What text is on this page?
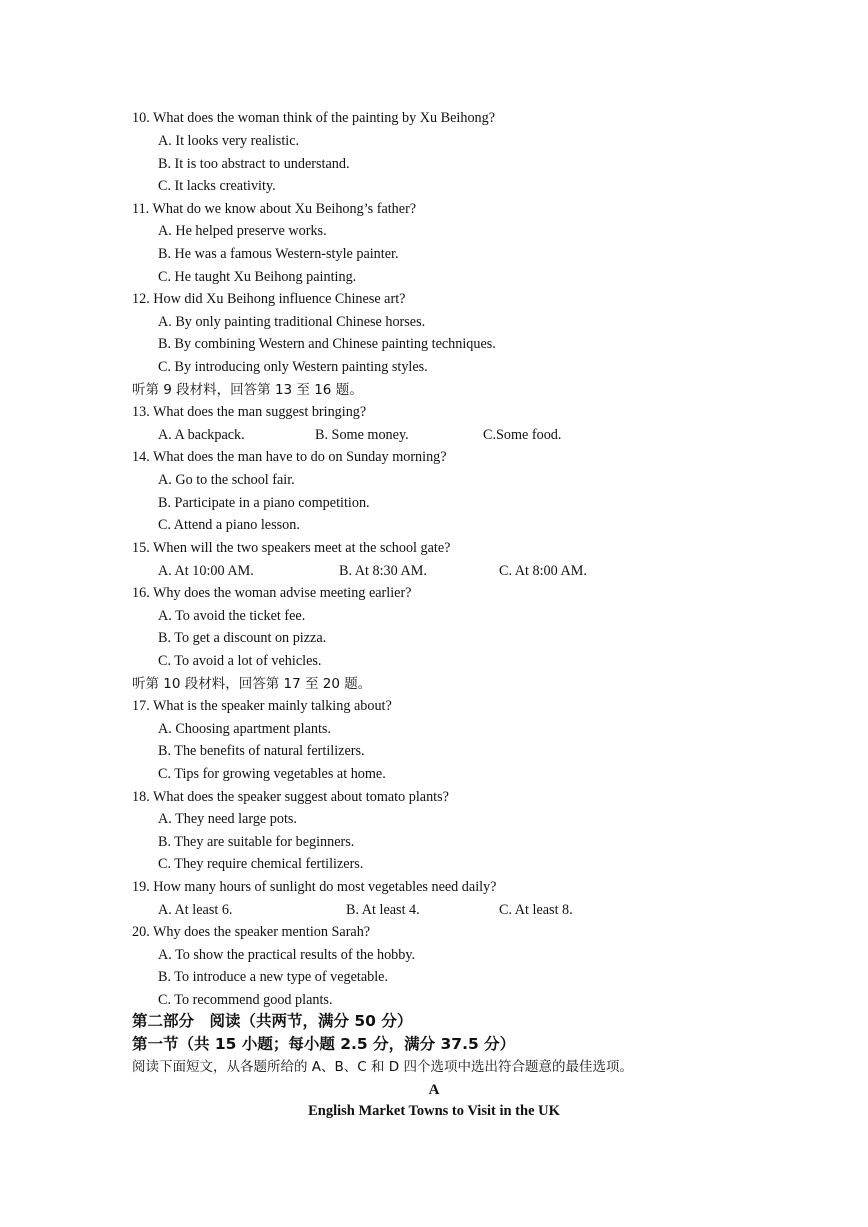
10. What does the woman think of the painting by Xu Beihong?
A. It looks very realistic.
B. It is too abstract to understand.
C. It lacks creativity.
11. What do we know about Xu Beihong’s father?
A. He helped preserve works.
B. He was a famous Western-style painter.
C. He taught Xu Beihong painting.
12. How did Xu Beihong influence Chinese art?
A. By only painting traditional Chinese horses.
B. By combining Western and Chinese painting techniques.
C. By introducing only Western painting styles.
听第 9 段材料，回答第 13 至 16 题。
13. What does the man suggest bringing?
A. A backpack.	B. Some money.	C.Some food.
14. What does the man have to do on Sunday morning?
A. Go to the school fair.
B. Participate in a piano competition.
C. Attend a piano lesson.
15. When will the two speakers meet at the school gate?
A. At 10:00 AM.	B. At 8:30 AM.	C. At 8:00 AM.
16. Why does the woman advise meeting earlier?
A. To avoid the ticket fee.
B. To get a discount on pizza.
C. To avoid a lot of vehicles.
听第 10 段材料，回答第 17 至 20 题。
17. What is the speaker mainly talking about?
A. Choosing apartment plants.
B. The benefits of natural fertilizers.
C. Tips for growing vegetables at home.
18. What does the speaker suggest about tomato plants?
A. They need large pots.
B. They are suitable for beginners.
C. They require chemical fertilizers.
19. How many hours of sunlight do most vegetables need daily?
A. At least 6.	B. At least 4.	C. At least 8.
20. Why does the speaker mention Sarah?
A. To show the practical results of the hobby.
B. To introduce a new type of vegetable.
C. To recommend good plants.
第二部分　阅读（共两节，满分 50 分）
第一节（共 15 小题；每小题 2.5 分，满分 37.5 分）
阅读下面短文，从各题所给的 A、B、C 和 D 四个选项中选出符合题意的最佳选项。
A
English Market Towns to Visit in the UK
